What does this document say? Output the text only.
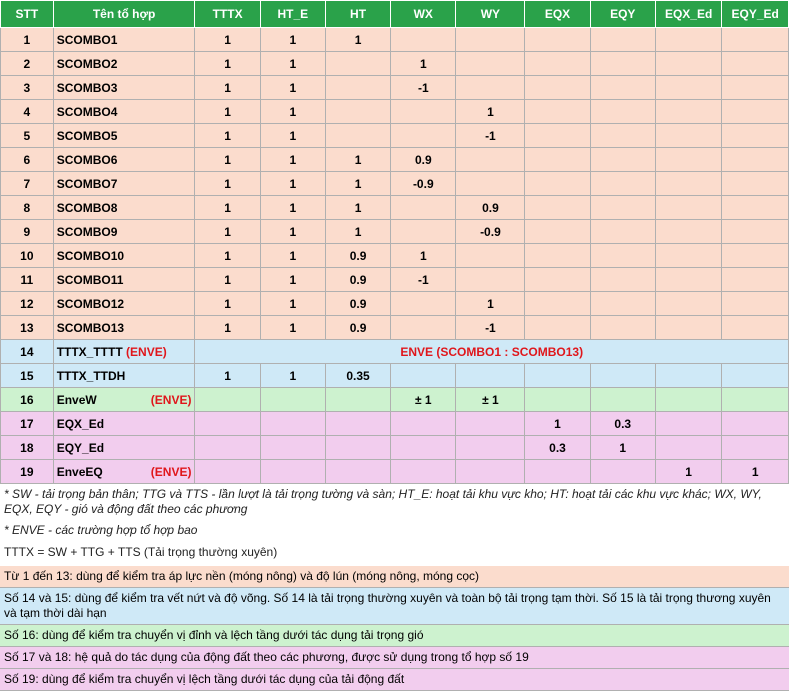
STT	Tên tổ hợp	TTTX	HT_E	HT	WX	WY	EQX	EQY	EQX_Ed	EQY_Ed
1	SCOMBO1	1	1	1						
2	SCOMBO2	1	1		1					
3	SCOMBO3	1	1		-1					
4	SCOMBO4	1	1			1				
5	SCOMBO5	1	1			-1				
6	SCOMBO6	1	1	1	0.9					
7	SCOMBO7	1	1	1	-0.9					
8	SCOMBO8	1	1	1		0.9				
9	SCOMBO9	1	1	1		-0.9				
10	SCOMBO10	1	1	0.9	1					
11	SCOMBO11	1	1	0.9	-1					
12	SCOMBO12	1	1	0.9		1				
13	SCOMBO13	1	1	0.9		-1				
14	TTTX_TTTT (ENVE)	ENVE (SCOMBO1 : SCOMBO13)								
15	TTTX_TTDH	1	1	0.35						
16	EnveW (ENVE)				± 1	± 1				
17	EQX_Ed						1	0.3		
18	EQY_Ed						0.3	1		
19	EnveEQ (ENVE)								1	1
* SW - tải trọng bản thân; TTG và TTS - lần lượt là tải trọng tường và sàn; HT_E: hoạt tải khu vực kho; HT: hoạt tải các khu vực khác; WX, WY, EQX, EQY - gió và động đất theo các phương
* ENVE - các trường hợp tổ hợp bao
TTTX = SW + TTG + TTS (Tải trọng thường xuyên)
Từ 1 đến 13: dùng để kiểm tra áp lực nền (móng nông) và độ lún (móng nông, móng cọc)
Số 14 và 15: dùng để kiểm tra vết nứt và độ võng. Số 14 là tải trọng thường xuyên và toàn bộ tải trọng tạm thời. Số 15 là tải trọng thương xuyên và tạm thời dài hạn
Số 16: dùng để kiểm tra chuyển vị đỉnh và lệch tầng dưới tác dụng tải trọng gió
Số 17 và 18: hệ quả do tác dụng của động đất theo các phương, được sử dụng trong tổ hợp số 19
Số 19: dùng để kiểm tra chuyển vị lệch tầng dưới tác dụng của tải động đất
